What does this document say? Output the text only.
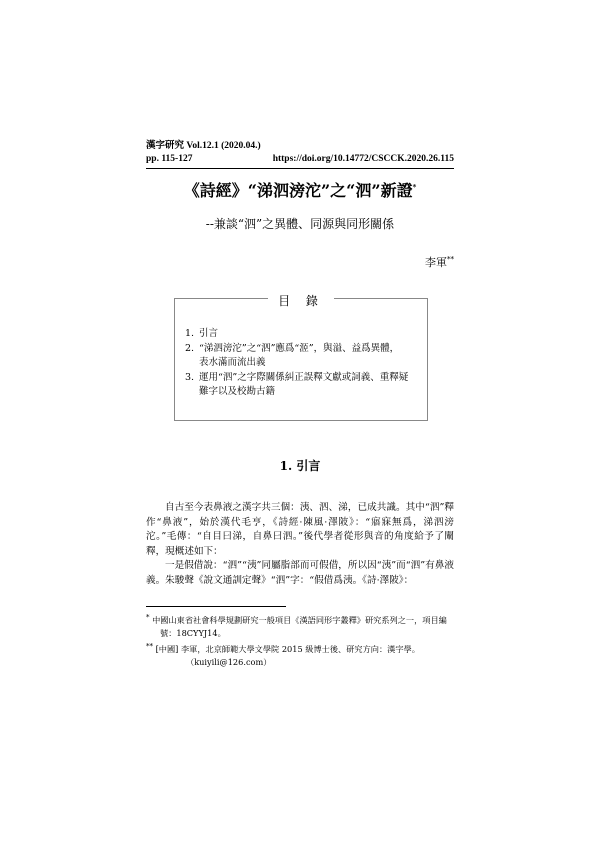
漢字研究 Vol.12.1 (2020.04.)
pp. 115-127	https://doi.org/10.14772/CSCCK.2020.26.115
《詩經》“涕泗滂沱”之“泗”新證*
--兼談“泗”之異體、同源與同形關係
李軍**
目 錄
1. 引言
2. “涕泗滂沱”之“泗”應爲“洍”，與溢、益爲異體，
表水滿而流出義
3. 運用“泗”之字際關係糾正誤釋文獻或詞義、重釋疑
難字以及校勘古籍
1. 引言

自古至今表鼻液之漢字共三個：洟、泗、涕，已成共識。其中“泗”釋作“鼻液”，始於漢代毛亨，《詩經·陳風·澤陂》：“寤寐無爲，涕泗滂沱。”毛傳：“自目曰涕，自鼻曰泗。”後代學者從形與音的角度給予了闡釋，現概述如下：

一是假借說：“泗”“洟”同屬脂部而可假借，所以因“洟”而“泗”有鼻液義。朱駿聲《說文通訓定聲》“泗”字：“假借爲洟。《詩·澤陂》：

* 中國山東省社會科學規劃研究一般項目《漢語同形字叢釋》研究系列之一，項目編
號：18CYYJ14。

** [中國] 李軍，北京師範大學文學院 2015 級博士後、研究方向：漢字學。
（kuiyili@126.com）
